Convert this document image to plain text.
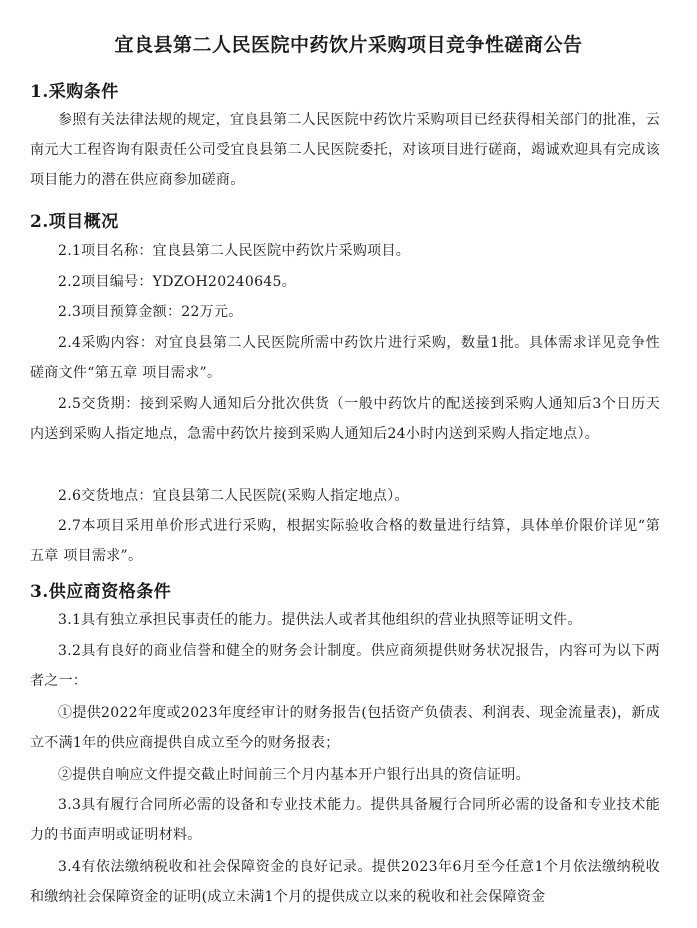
宜良县第二人民医院中药饮片采购项目竞争性磋商公告
1.采购条件
参照有关法律法规的规定，宜良县第二人民医院中药饮片采购项目已经获得相关部门的批准，云南元大工程咨询有限责任公司受宜良县第二人民医院委托，对该项目进行磋商，竭诚欢迎具有完成该项目能力的潜在供应商参加磋商。
2.项目概况
2.1项目名称：宜良县第二人民医院中药饮片采购项目。
2.2项目编号：YDZOH20240645。
2.3项目预算金额：22万元。
2.4采购内容：对宜良县第二人民医院所需中药饮片进行采购，数量1批。具体需求详见竞争性磋商文件“第五章 项目需求”。
2.5交货期：接到采购人通知后分批次供货（一般中药饮片的配送接到采购人通知后3个日历天内送到采购人指定地点，急需中药饮片接到采购人通知后24小时内送到采购人指定地点）。
2.6交货地点：宜良县第二人民医院(采购人指定地点）。
2.7本项目采用单价形式进行采购，根据实际验收合格的数量进行结算，具体单价限价详见“第五章 项目需求”。
3.供应商资格条件
3.1具有独立承担民事责任的能力。提供法人或者其他组织的营业执照等证明文件。
3.2具有良好的商业信誉和健全的财务会计制度。供应商须提供财务状况报告，内容可为以下两者之一：
①提供2022年度或2023年度经审计的财务报告(包括资产负债表、利润表、现金流量表)，新成立不满1年的供应商提供自成立至今的财务报表；
②提供自响应文件提交截止时间前三个月内基本开户银行出具的资信证明。
3.3具有履行合同所必需的设备和专业技术能力。提供具备履行合同所必需的设备和专业技术能力的书面声明或证明材料。
3.4有依法缴纳税收和社会保障资金的良好记录。提供2023年6月至今任意1个月依法缴纳税收和缴纳社会保障资金的证明(成立未满1个月的提供成立以来的税收和社会保障资金
